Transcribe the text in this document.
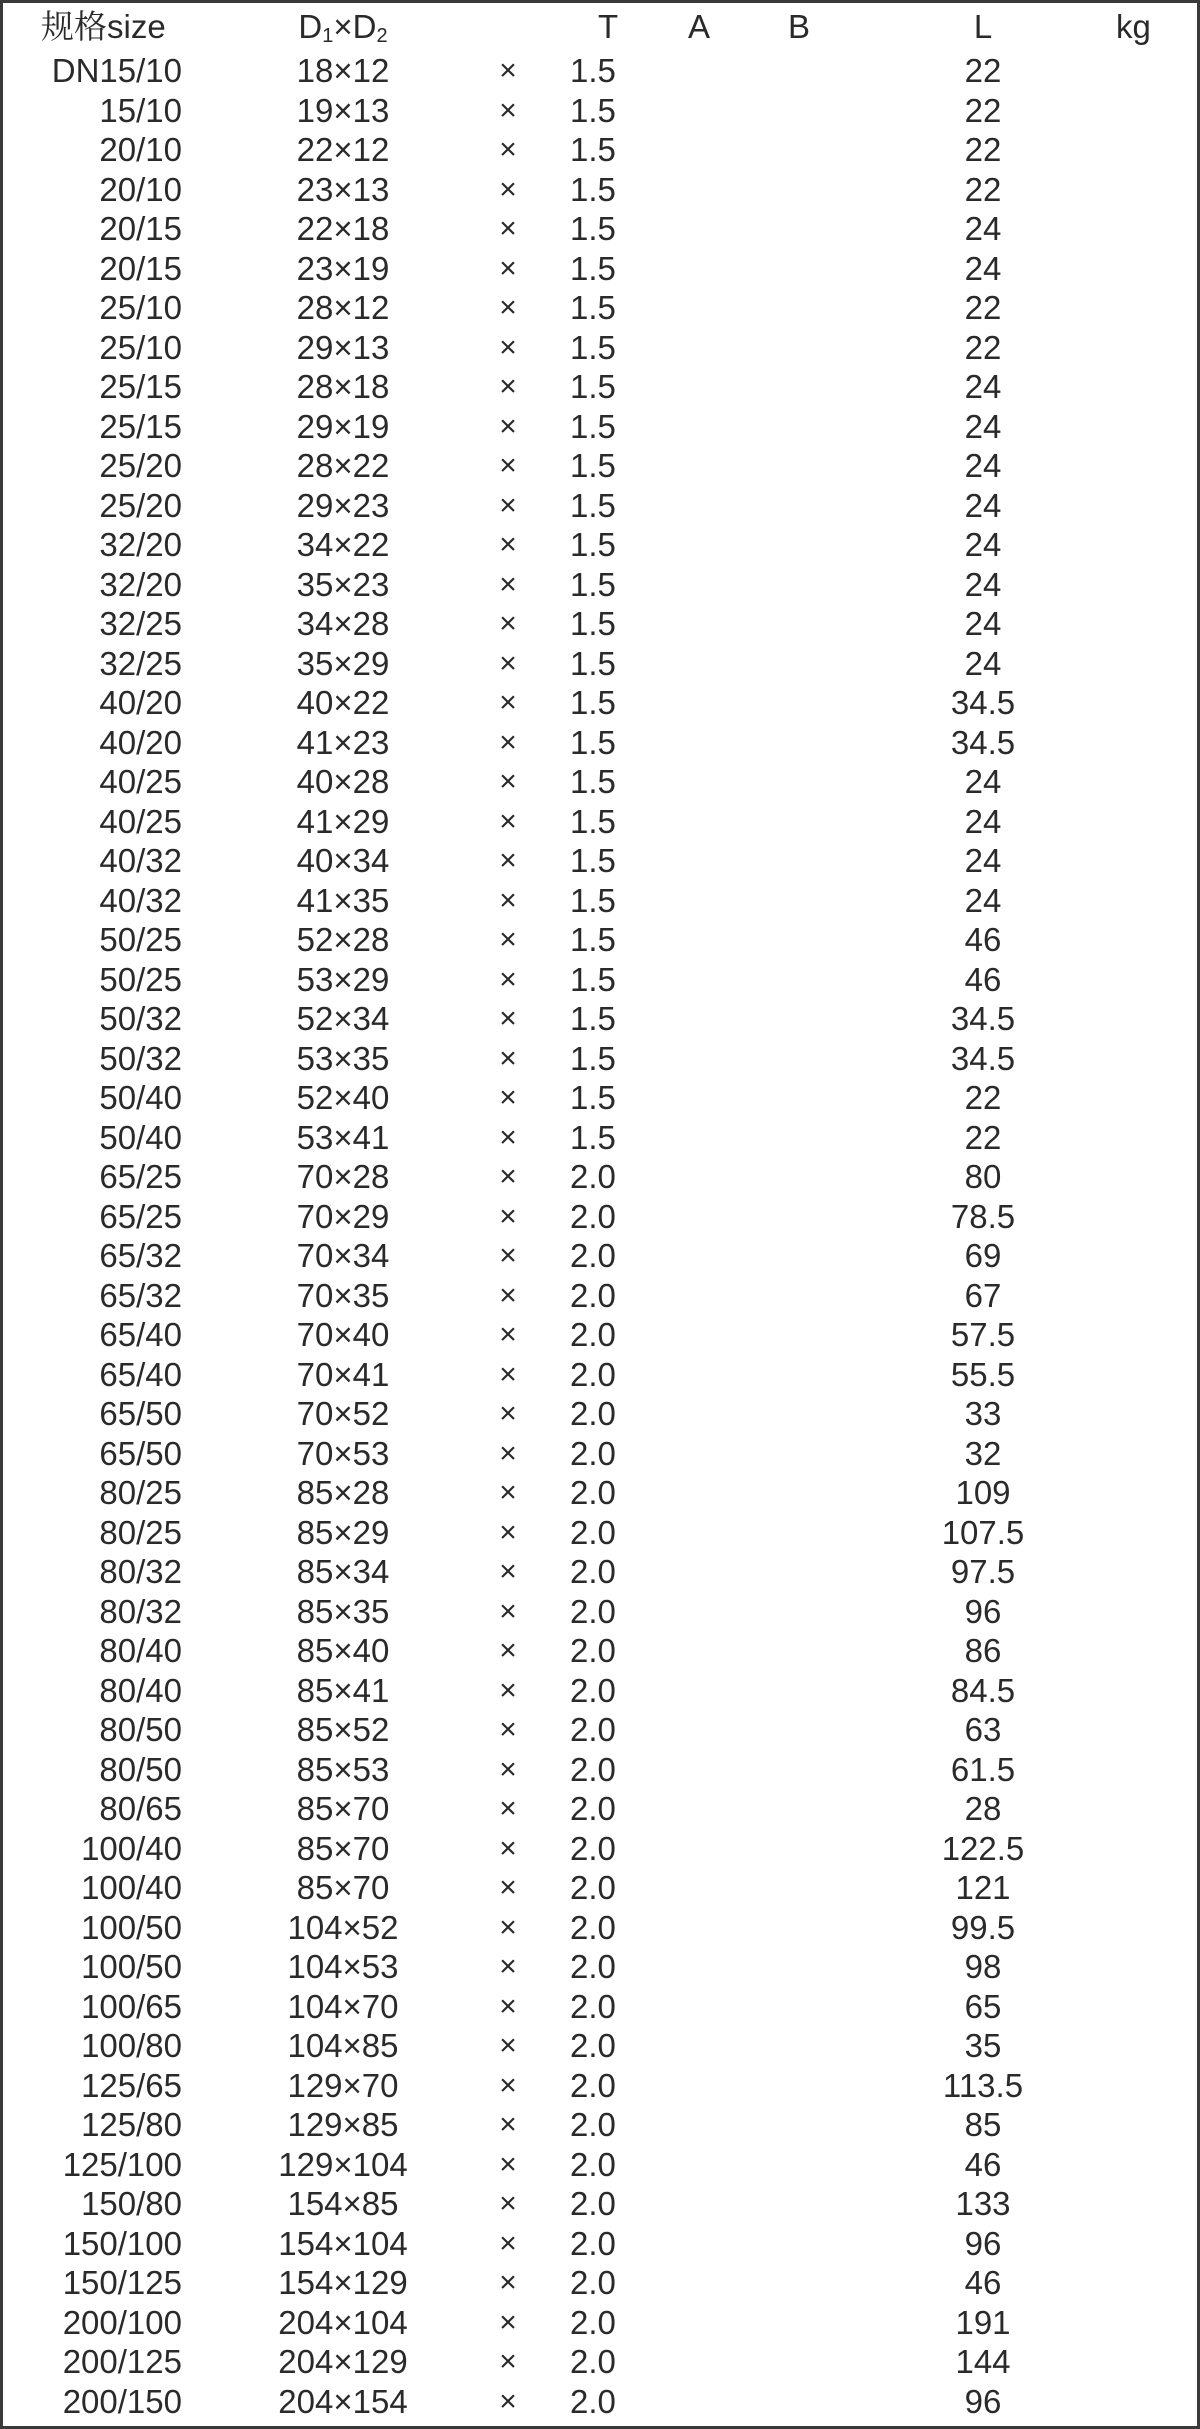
规格size	$D_1\times D_2$		T	A	B	L	kg
DN15/10	18×12	×	1.5			22	
15/10	19×13	×	1.5			22	
20/10	22×12	×	1.5			22	
20/10	23×13	×	1.5			22	
20/15	22×18	×	1.5			24	
20/15	23×19	×	1.5			24	
25/10	28×12	×	1.5			22	
25/10	29×13	×	1.5			22	
25/15	28×18	×	1.5			24	
25/15	29×19	×	1.5			24	
25/20	28×22	×	1.5			24	
25/20	29×23	×	1.5			24	
32/20	34×22	×	1.5			24	
32/20	35×23	×	1.5			24	
32/25	34×28	×	1.5			24	
32/25	35×29	×	1.5			24	
40/20	40×22	×	1.5			34.5	
40/20	41×23	×	1.5			34.5	
40/25	40×28	×	1.5			24	
40/25	41×29	×	1.5			24	
40/32	40×34	×	1.5			24	
40/32	41×35	×	1.5			24	
50/25	52×28	×	1.5			46	
50/25	53×29	×	1.5			46	
50/32	52×34	×	1.5			34.5	
50/32	53×35	×	1.5			34.5	
50/40	52×40	×	1.5			22	
50/40	53×41	×	1.5			22	
65/25	70×28	×	2.0			80	
65/25	70×29	×	2.0			78.5	
65/32	70×34	×	2.0			69	
65/32	70×35	×	2.0			67	
65/40	70×40	×	2.0			57.5	
65/40	70×41	×	2.0			55.5	
65/50	70×52	×	2.0			33	
65/50	70×53	×	2.0			32	
80/25	85×28	×	2.0			109	
80/25	85×29	×	2.0			107.5	
80/32	85×34	×	2.0			97.5	
80/32	85×35	×	2.0			96	
80/40	85×40	×	2.0			86	
80/40	85×41	×	2.0			84.5	
80/50	85×52	×	2.0			63	
80/50	85×53	×	2.0			61.5	
80/65	85×70	×	2.0			28	
100/40	85×70	×	2.0			122.5	
100/40	85×70	×	2.0			121	
100/50	104×52	×	2.0			99.5	
100/50	104×53	×	2.0			98	
100/65	104×70	×	2.0			65	
100/80	104×85	×	2.0			35	
125/65	129×70	×	2.0			113.5	
125/80	129×85	×	2.0			85	
125/100	129×104	×	2.0			46	
150/80	154×85	×	2.0			133	
150/100	154×104	×	2.0			96	
150/125	154×129	×	2.0			46	
200/100	204×104	×	2.0			191	
200/125	204×129	×	2.0			144	
200/150	204×154	×	2.0			96	
